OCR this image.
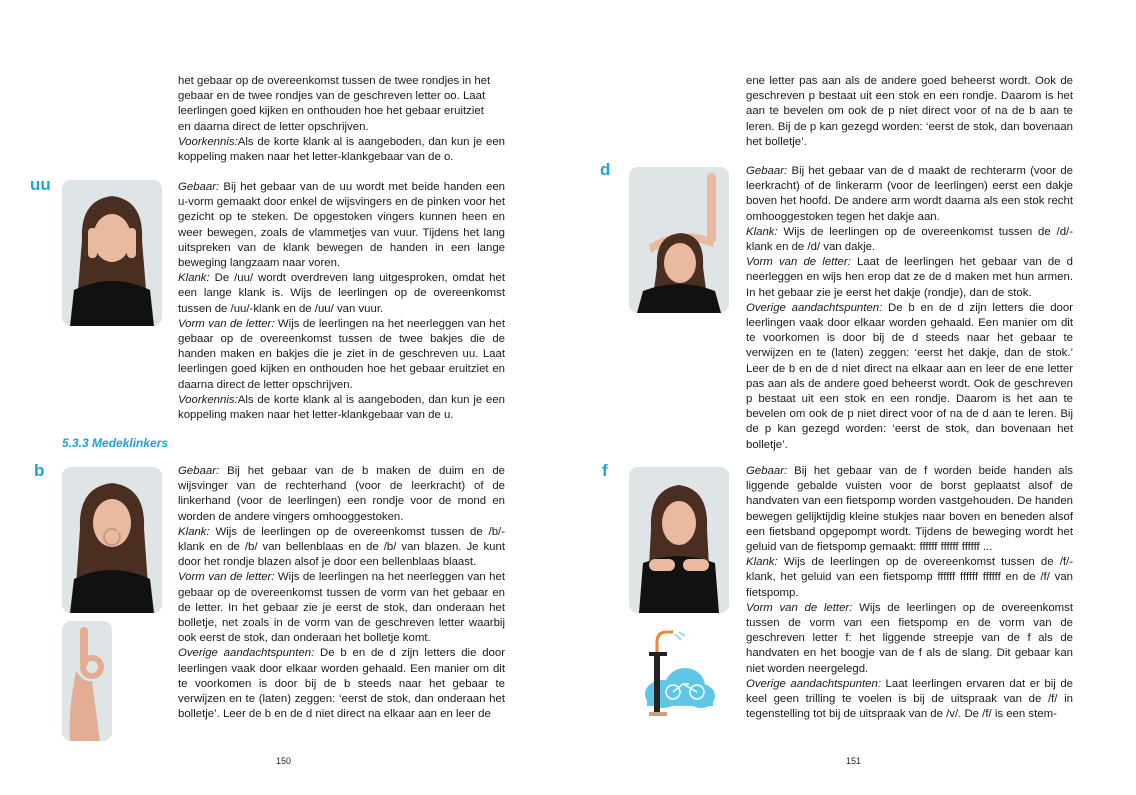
het gebaar op de overeenkomst tussen de twee rondjes in het

gebaar en de twee rondjes van de geschreven letter oo. Laat

leerlingen goed kijken en onthouden hoe het gebaar eruitziet

en daarna direct de letter opschrijven.

Voorkennis:Als de korte klank al is aangeboden, dan kun je een koppeling maken naar het letter-klankgebaar van de o.

uu	Gebaar: Bij het gebaar van de uu wordt met beide handen een u-vorm gemaakt door enkel de wijsvingers en de pinken voor het gezicht op te steken. De opgestoken vingers kunnen heen en weer bewegen, zoals de vlammetjes van vuur. Tijdens het lang uitspreken van de klank bewegen de handen in een lange beweging langzaam naar voren.

Klank: De /uu/ wordt overdreven lang uitgesproken, omdat het een lange klank is. Wijs de leerlingen op de overeenkomst tussen de /uu/-klank en de /uu/ van vuur.

Vorm van de letter: Wijs de leerlingen na het neerleggen van het gebaar op de overeenkomst tussen de twee bakjes die de handen maken en bakjes die je ziet in de geschreven uu. Laat leerlingen goed kijken en onthouden hoe het gebaar eruitziet en daarna direct de letter opschrijven.

Voorkennis:Als de korte klank al is aangeboden, dan kun je een koppeling maken naar het letter-klankgebaar van de u.

5.3.3 Medeklinkers
b	Gebaar: Bij het gebaar van de b maken de duim en de wijsvinger van de rechterhand (voor de leerkracht) of de linkerhand (voor de leerlingen) een rondje voor de mond en worden de andere vingers omhooggestoken.

Klank: Wijs de leerlingen op de overeenkomst tussen de /b/-klank en de /b/ van bellenblaas en de /b/ van blazen. Je kunt door het rondje blazen alsof je door een bellenblaas blaast.

Vorm van de letter: Wijs de leerlingen na het neerleggen van het gebaar op de overeenkomst tussen de vorm van het gebaar en de letter. In het gebaar zie je eerst de stok, dan onderaan het bolletje, net zoals in de vorm van de geschreven letter waarbij ook eerst de stok, dan onderaan het bolletje komt.

Overige aandachtspunten: De b en de d zijn letters die door leerlingen vaak door elkaar worden gehaald. Een manier om dit te voorkomen is door bij de b steeds naar het gebaar te verwijzen en te (laten) zeggen: ‘eerst de stok, dan onderaan het bolletje’. Leer de b en de d niet direct na elkaar aan en leer de

150

ene letter pas aan als de andere goed beheerst wordt. Ook de geschreven p bestaat uit een stok en een rondje. Daarom is het aan te bevelen om ook de p niet direct voor of na de b aan te leren. Bij de p kan gezegd worden: ‘eerst de stok, dan bovenaan het bolletje’.

d	Gebaar: Bij het gebaar van de d maakt de rechterarm (voor de leerkracht) of de linkerarm (voor de leerlingen) eerst een dakje boven het hoofd. De andere arm wordt daarna als een stok recht omhooggestoken tegen het dakje aan.

Klank: Wijs de leerlingen op de overeenkomst tussen de /d/-klank en de /d/ van dakje.

Vorm van de letter: Laat de leerlingen het gebaar van de d neerleggen en wijs hen erop dat ze de d maken met hun armen. In het gebaar zie je eerst het dakje (rondje), dan de stok.

Overige aandachtspunten: De b en de d zijn letters die door leerlingen vaak door elkaar worden gehaald. Een manier om dit te voorkomen is door bij de d steeds naar het gebaar te verwijzen en te (laten) zeggen: ‘eerst het dakje, dan de stok.’ Leer de b en de d niet direct na elkaar aan en leer de ene letter pas aan als de andere goed beheerst wordt. Ook de geschreven p bestaat uit een stok en een rondje. Daarom is het aan te bevelen om ook de p niet direct voor of na de d aan te leren. Bij de p kan gezegd worden: ‘eerst de stok, dan bovenaan het bolletje’.

f	Gebaar: Bij het gebaar van de f worden beide handen als liggende gebalde vuisten voor de borst geplaatst alsof de handvaten van een fietspomp worden vastgehouden. De handen bewegen gelijktijdig kleine stukjes naar boven en beneden alsof een fietsband opgepompt wordt. Tijdens de beweging wordt het geluid van de fietspomp gemaakt: ffffff ffffff ffffff ...

Klank: Wijs de leerlingen op de overeenkomst tussen de /f/-klank, het geluid van een fietspomp ffffff ffffff ffffff en de /f/ van fietspomp.

Vorm van de letter: Wijs de leerlingen op de overeenkomst tussen de vorm van een fietspomp en de vorm van de geschreven letter f: het liggende streepje van de f als de handvaten en het boogje van de f als de slang. Dit gebaar kan niet worden neergelegd.

Overige aandachtspunten: Laat leerlingen ervaren dat er bij de keel geen trilling te voelen is bij de uitspraak van de /f/ in tegenstelling tot bij de uitspraak van de /v/. De /f/ is een stem-

151
